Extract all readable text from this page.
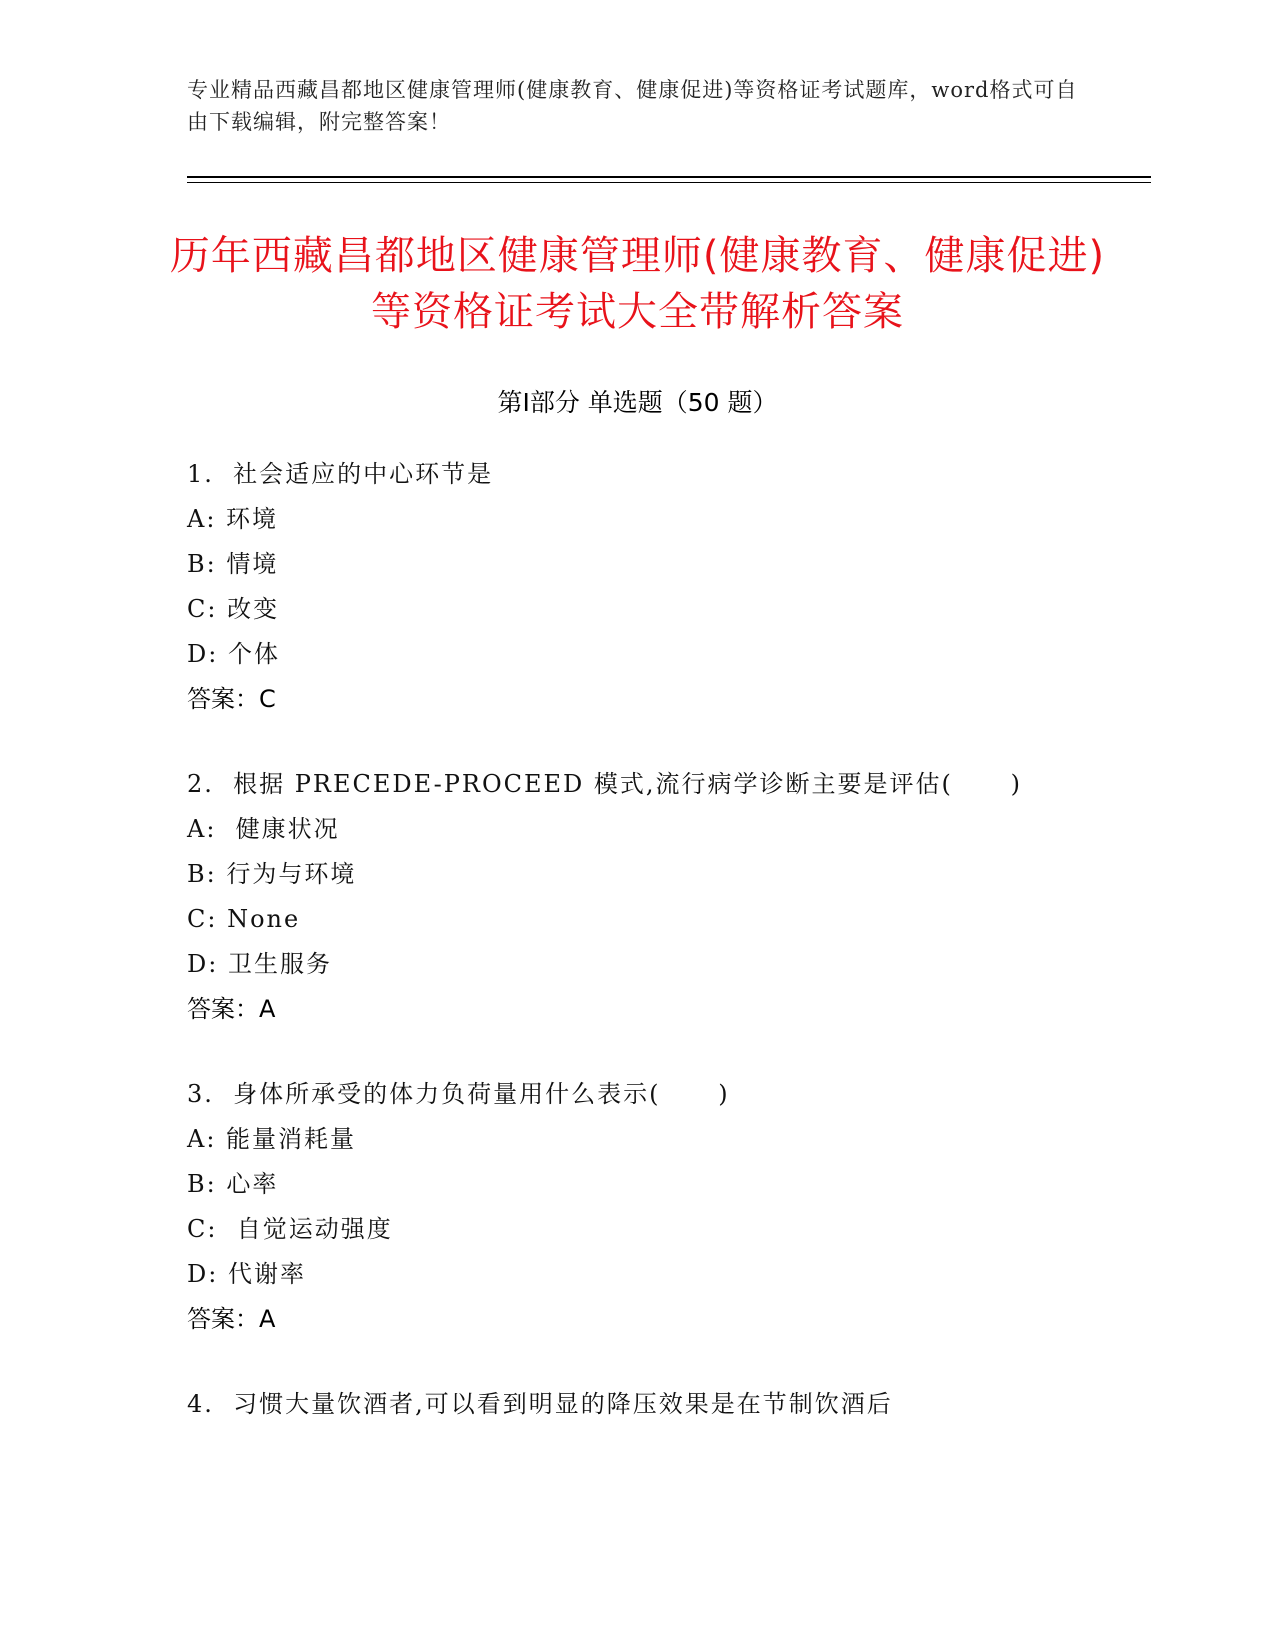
专业精品西藏昌都地区健康管理师(健康教育、健康促进)等资格证考试题库，word格式可自由下载编辑，附完整答案！
历年西藏昌都地区健康管理师(健康教育、健康促进)等资格证考试大全带解析答案
第Ⅰ部分 单选题（50 题）
1.  社会适应的中心环节是
A: 环境
B: 情境
C: 改变
D: 个体
答案：C
2.  根据 PRECEDE-PROCEED 模式,流行病学诊断主要是评估(      )
A:  健康状况
B: 行为与环境
C: None
D: 卫生服务
答案：A
3.  身体所承受的体力负荷量用什么表示(      )
A: 能量消耗量
B: 心率
C:  自觉运动强度
D: 代谢率
答案：A
4.  习惯大量饮酒者,可以看到明显的降压效果是在节制饮酒后
